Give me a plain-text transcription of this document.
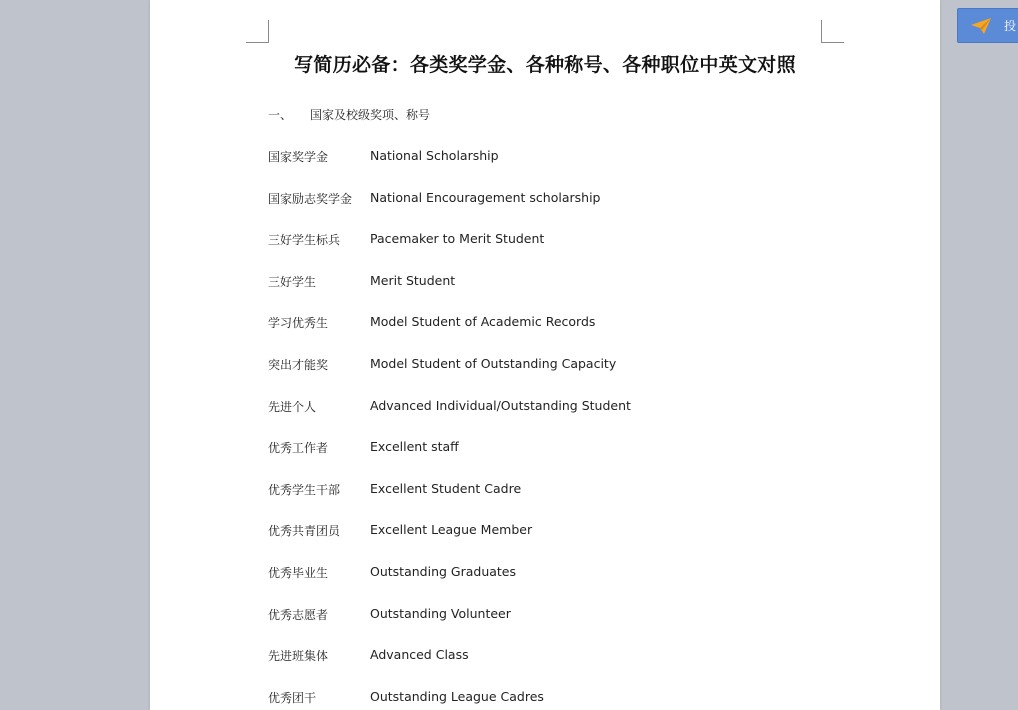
写简历必备：各类奖学金、各种称号、各种职位中英文对照
一、 国家及校级奖项、称号
国家奖学金	National Scholarship
国家励志奖学金	National Encouragement scholarship
三好学生标兵	Pacemaker to Merit Student
三好学生	Merit Student
学习优秀生	Model Student of Academic Records
突出才能奖	Model Student of Outstanding Capacity
先进个人	Advanced Individual/Outstanding Student
优秀工作者	Excellent staff
优秀学生干部	Excellent Student Cadre
优秀共青团员	Excellent League Member
优秀毕业生	Outstanding Graduates
优秀志愿者	Outstanding Volunteer
先进班集体	Advanced Class
优秀团干	Outstanding League Cadres
投
